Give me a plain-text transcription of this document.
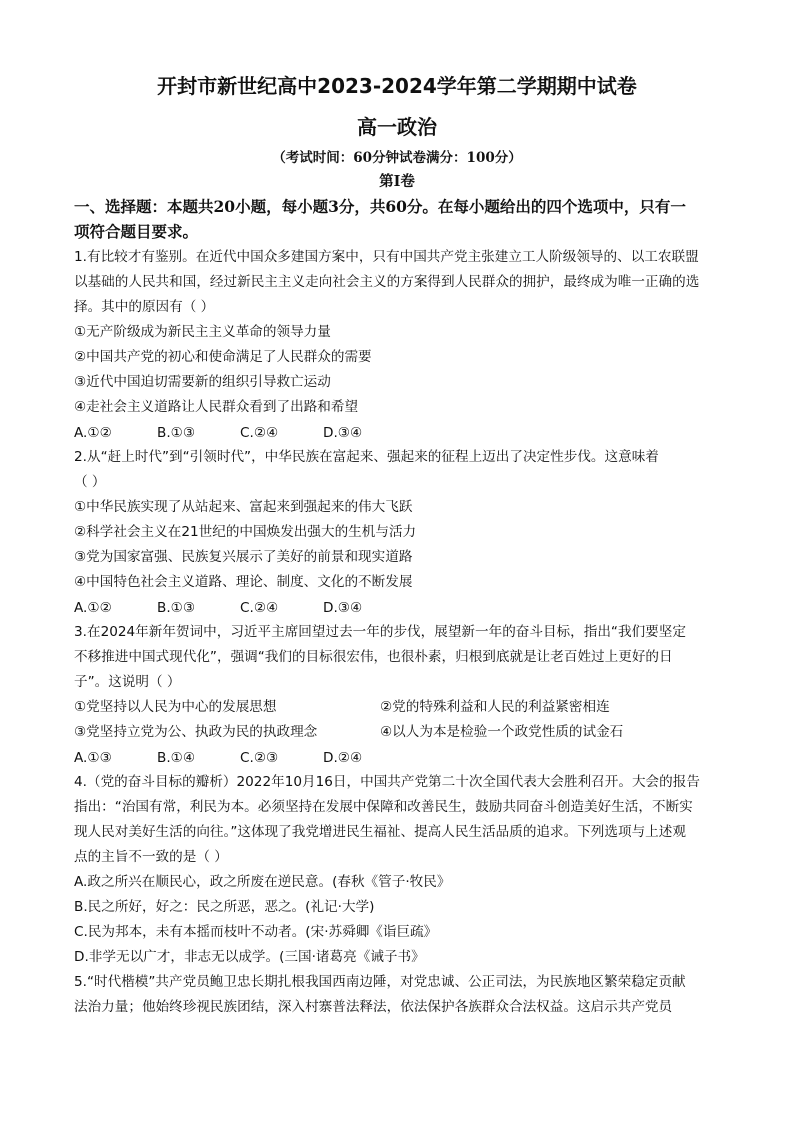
开封市新世纪高中2023-2024学年第二学期期中试卷
高一政治
（考试时间：60分钟试卷满分：100分）
第I卷
一、选择题：本题共20小题，每小题3分，共60分。在每小题给出的四个选项中，只有一
项符合题目要求。
1.有比较才有鉴别。在近代中国众多建国方案中，只有中国共产党主张建立工人阶级领导的、以工农联盟
以基础的人民共和国，经过新民主主义走向社会主义的方案得到人民群众的拥护，最终成为唯一正确的选
择。其中的原因有（ ）
①无产阶级成为新民主主义革命的领导力量
②中国共产党的初心和使命满足了人民群众的需要
③近代中国迫切需要新的组织引导救亡运动
④走社会主义道路让人民群众看到了出路和希望
A.①②	B.①③	C.②④	D.③④
2.从“赶上时代”到“引领时代”，中华民族在富起来、强起来的征程上迈出了决定性步伐。这意味着
（ ）
①中华民族实现了从站起来、富起来到强起来的伟大飞跃
②科学社会主义在21世纪的中国焕发出强大的生机与活力
③党为国家富强、民族复兴展示了美好的前景和现实道路
④中国特色社会主义道路、理论、制度、文化的不断发展
A.①②	B.①③	C.②④	D.③④
3.在2024年新年贺词中，习近平主席回望过去一年的步伐，展望新一年的奋斗目标，指出“我们要坚定
不移推进中国式现代化”，强调“我们的目标很宏伟，也很朴素，归根到底就是让老百姓过上更好的日
子”。这说明（ ）
①党坚持以人民为中心的发展思想	②党的特殊利益和人民的利益紧密相连
③党坚持立党为公、执政为民的执政理念	④以人为本是检验一个政党性质的试金石
A.①③	B.①④	C.②③	D.②④
4.（党的奋斗目标的瓣析）2022年10月16日，中国共产党第二十次全国代表大会胜利召开。大会的报告
指出：“治国有常，利民为本。必须坚持在发展中保障和改善民生，鼓励共同奋斗创造美好生活，不断实
现人民对美好生活的向往。”这体现了我党增进民生福祉、提高人民生活品质的追求。下列选项与上述观
点的主旨不一致的是（ ）
A.政之所兴在顺民心，政之所废在逆民意。(春秋《管子·牧民》
B.民之所好，好之：民之所恶，恶之。(礼记·大学)
C.民为邦本，未有本摇而枝叶不动者。(宋·苏舜卿《诣巨疏》
D.非学无以广才，非志无以成学。(三国·诸葛亮《诫子书》
5.“时代楷模”共产党员鲍卫忠长期扎根我国西南边陲，对党忠诚、公正司法，为民族地区繁荣稳定贡献
法治力量；他始终珍视民族团结，深入村寨普法释法，依法保护各族群众合法权益。这启示共产党员
